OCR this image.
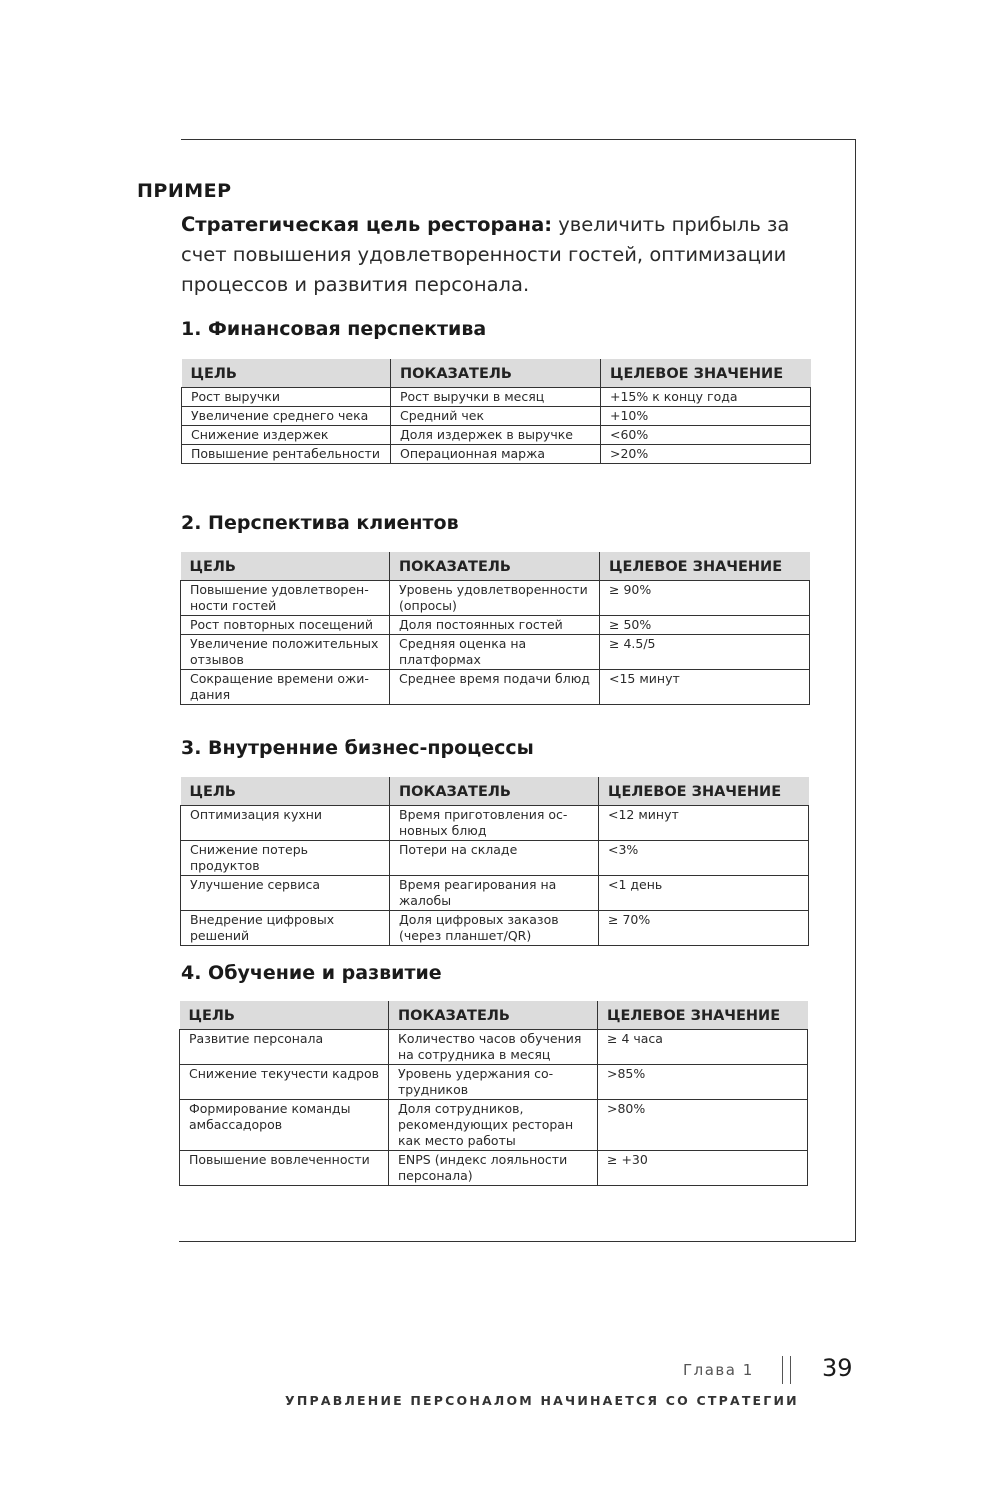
ПРИМЕР
Стратегическая цель ресторана: увеличить прибыль за счет повышения удовлетворенности гостей, оптимизации процессов и развития персонала.
1. Финансовая перспектива
ЦЕЛЬ	ПОКАЗАТЕЛЬ	ЦЕЛЕВОЕ ЗНАЧЕНИЕ
Рост выручки	Рост выручки в месяц	+15% к концу года
Увеличение среднего чека	Средний чек	+10%
Снижение издержек	Доля издержек в выручке	<60%
Повышение рентабельности	Операционная маржа	>20%
2. Перспектива клиентов
ЦЕЛЬ	ПОКАЗАТЕЛЬ	ЦЕЛЕВОЕ ЗНАЧЕНИЕ
Повышение удовлетворенности гостей	Уровень удовлетворенности (опросы)	≥ 90%
Рост повторных посещений	Доля постоянных гостей	≥ 50%
Увеличение положительных отзывов	Средняя оценка на платформах	≥ 4.5/5
Сокращение времени ожидания	Среднее время подачи блюд	<15 минут
3. Внутренние бизнес-процессы
ЦЕЛЬ	ПОКАЗАТЕЛЬ	ЦЕЛЕВОЕ ЗНАЧЕНИЕ
Оптимизация кухни	Время приготовления основных блюд	<12 минут
Снижение потерь продуктов	Потери на складе	<3%
Улучшение сервиса	Время реагирования на жалобы	<1 день
Внедрение цифровых решений	Доля цифровых заказов (через планшет/QR)	≥ 70%
4. Обучение и развитие
ЦЕЛЬ	ПОКАЗАТЕЛЬ	ЦЕЛЕВОЕ ЗНАЧЕНИЕ
Развитие персонала	Количество часов обучения на сотрудника в месяц	≥ 4 часа
Снижение текучести кадров	Уровень удержания сотрудников	>85%
Формирование команды амбассадоров	Доля сотрудников, рекомендующих ресторан как место работы	>80%
Повышение вовлеченности	ENPS (индекс лояльности персонала)	≥ +30
Глава 1	39
УПРАВЛЕНИЕ ПЕРСОНАЛОМ НАЧИНАЕТСЯ СО СТРАТЕГИИ
